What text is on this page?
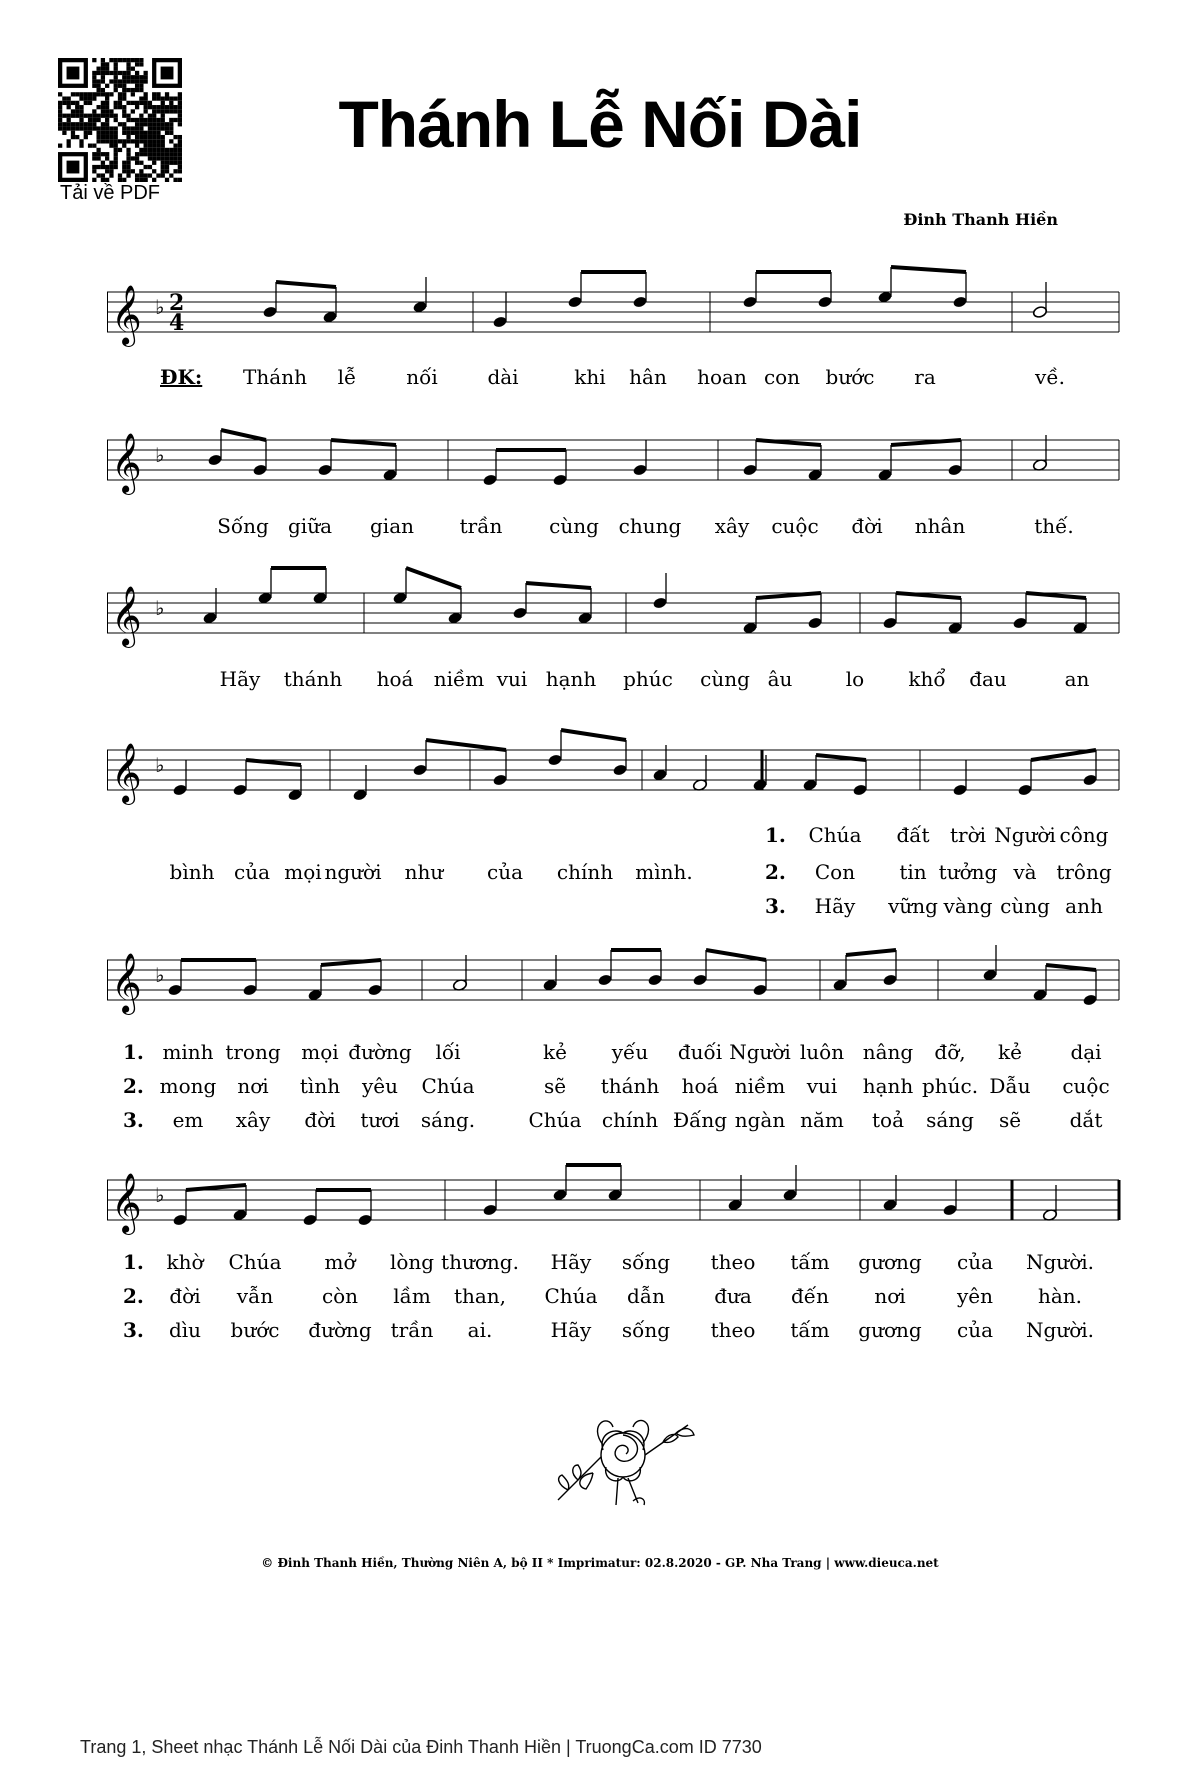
Tải về PDF
Thánh Lễ Nối Dài
Đinh Thanh Hiền
𝄞 ♭ 2
4
𝄞 ♭
𝄞 ♭
𝄞 ♭
𝄞 ♭
𝄞 ♭
ĐK: Thánh lễ nối dài	khi hân hoan con bước ra	về.
Sống giữa gian trần cùng chung xây cuộc đời nhân	thế.
Hãy thánh hoá niềm vui hạnh phúc cùng âu	lo khổ đau	an
bình của mọi người như của chính mình.
1. Chúa đất trời Người công
2. Con tin tưởng và trông
3. Hãy vững vàng cùng anh
1. minh trong mọi đường lối	kẻ yếu đuối Người luôn nâng đỡ, kẻ dại
2. mong nơi tình yêu Chúa	sẽ thánh hoá niềm vui hạnh phúc. Dẫu cuộc
3. em xây đời tươi sáng.	Chúa chính Đấng ngàn năm toả sáng sẽ dắt
1. khờ Chúa mở lòng thương. Hãy sống theo tấm gương của Người.
2. đời vẫn còn lầm than, Chúa dẫn đưa đến nơi	yên hàn.
3. dìu bước đường trần ai.	Hãy sống theo tấm gương của Người.
© Đinh Thanh Hiền, Thường Niên A, bộ II * Imprimatur: 02.8.2020 - GP. Nha Trang | www.dieuca.net
Trang 1, Sheet nhạc Thánh Lễ Nối Dài của Đinh Thanh Hiền | TruongCa.com ID 7730
